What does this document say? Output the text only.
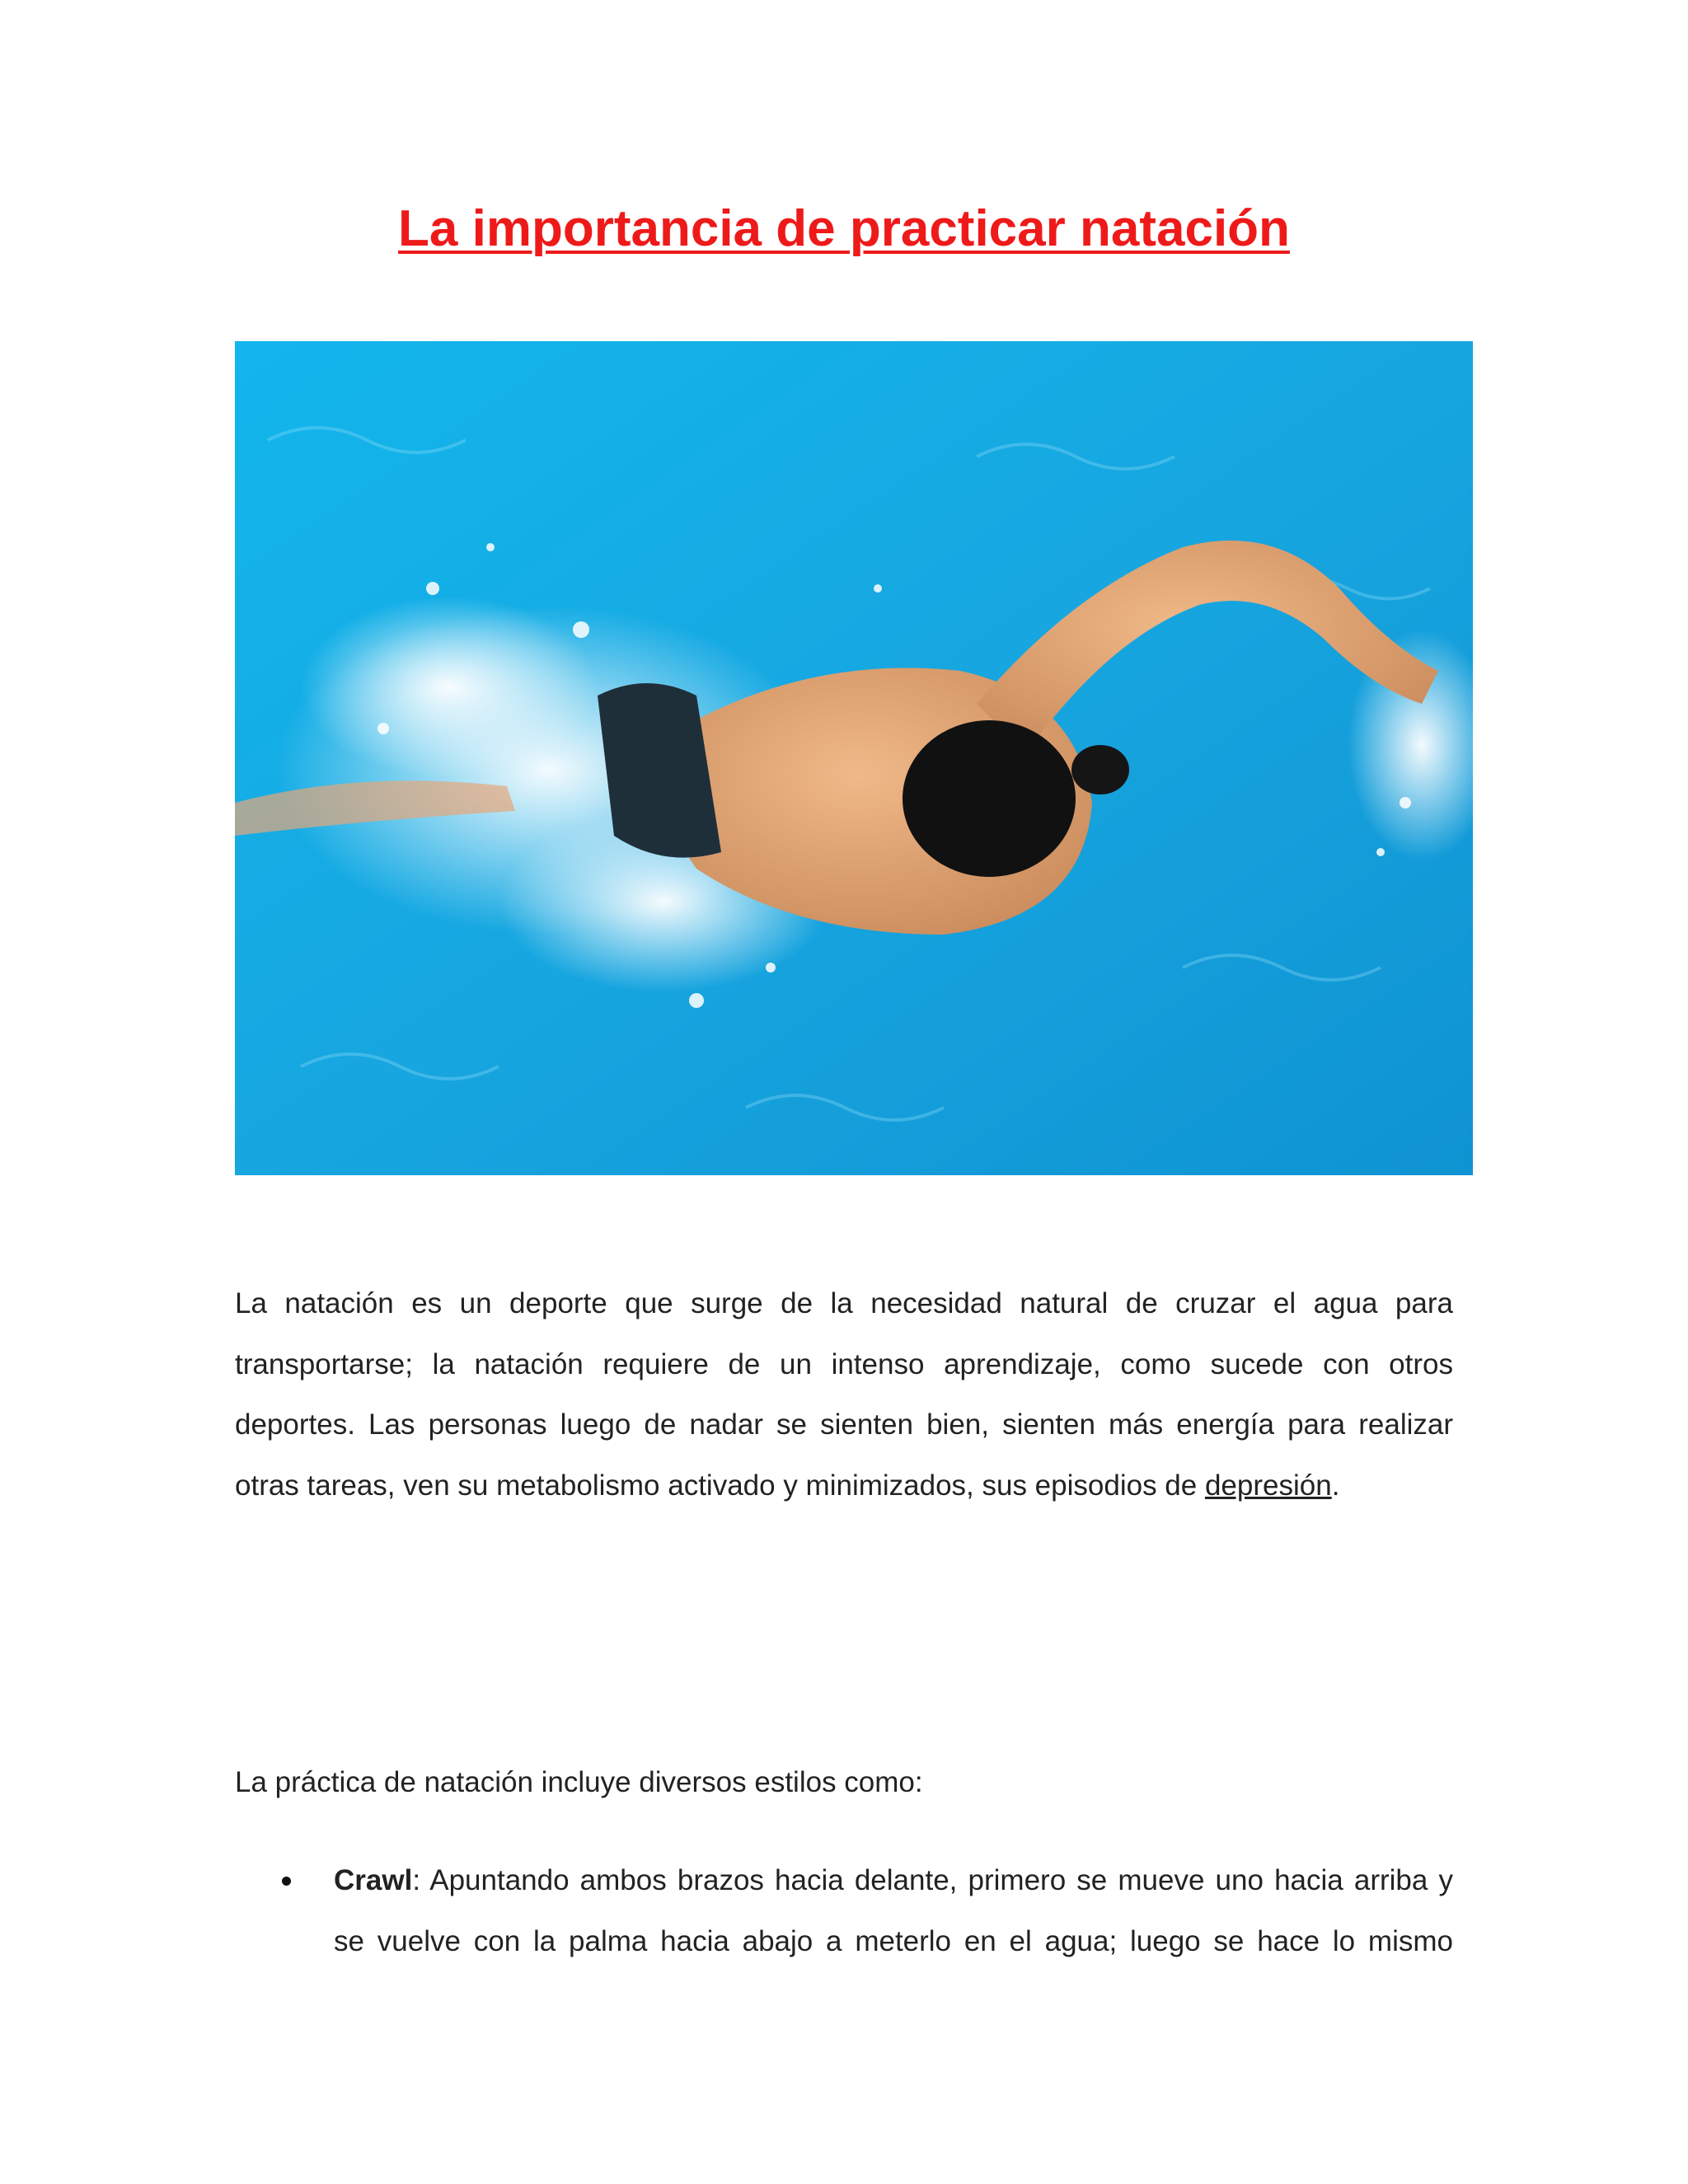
La importancia de practicar natación

La natación es un deporte que surge de la necesidad natural de cruzar el agua para transportarse; la natación requiere de un intenso aprendizaje, como sucede con otros deportes. Las personas luego de nadar se sienten bien, sienten más energía para realizar otras tareas, ven su metabolismo activado y minimizados, sus episodios de depresión.

La práctica de natación incluye diversos estilos como:

Crawl: Apuntando ambos brazos hacia delante, primero se mueve uno hacia arriba y se vuelve con la palma hacia abajo a meterlo en el agua; luego se hace lo mismo
